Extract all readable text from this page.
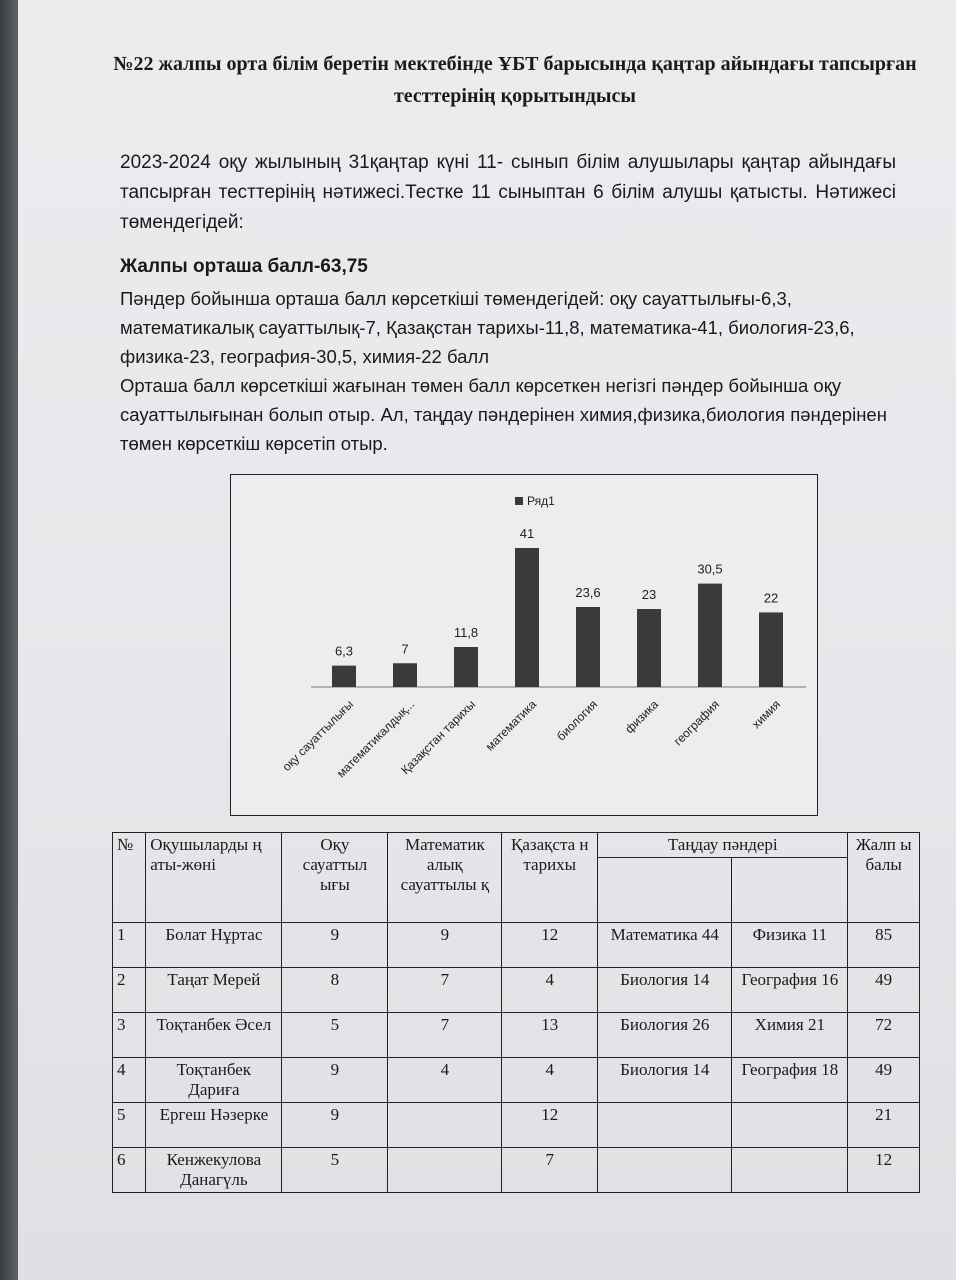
№22 жалпы орта білім беретін мектебінде ҰБТ барысында қаңтар айындағы тапсырған тесттерінің қорытындысы
2023-2024 оқу жылының 31қаңтар күні 11- сынып білім алушылары қаңтар айындағы тапсырған тесттерінің нәтижесі.Тестке 11 сыныптан 6 білім алушы қатысты. Нәтижесі төмендегідей:
Жалпы орташа балл-63,75
Пәндер бойынша орташа балл көрсеткіші төмендегідей: оқу сауаттылығы-6,3, математикалық сауаттылық-7, Қазақстан тарихы-11,8, математика-41, биология-23,6, физика-23, география-30,5, химия-22 балл
Орташа балл көрсеткіші жағынан төмен балл көрсеткен негізгі пәндер бойынша оқу сауаттылығынан болып отыр. Ал, таңдау пәндерінен химия,физика,биология пәндерінен төмен көрсеткіш көрсетіп отыр.
Ряд1
6,3
оқу сауаттылығы
7
математикалдық...
11,8
Қазақстан тарихы
41
математика
23,6
биология
23
физика
30,5
география
22
химия
№	Оқушыларды ң аты-жөні	Оқу сауаттыл ығы	Математик алық сауаттылы қ	Қазақста н тарихы	Таңдау пәндері		Жалп ы балы

1	Болат Нұртас	9	9	12	Математика 44	Физика 11	85
2	Таңат Мерей	8	7	4	Биология 14	География 16	49
3	Тоқтанбек Әсел	5	7	13	Биология 26	Химия 21	72
4	Тоқтанбек Дариға	9	4	4	Биология 14	География 18	49
5	Ергеш Нәзерке	9		12			21
6	Кенжекулова Данагүль	5		7			12
